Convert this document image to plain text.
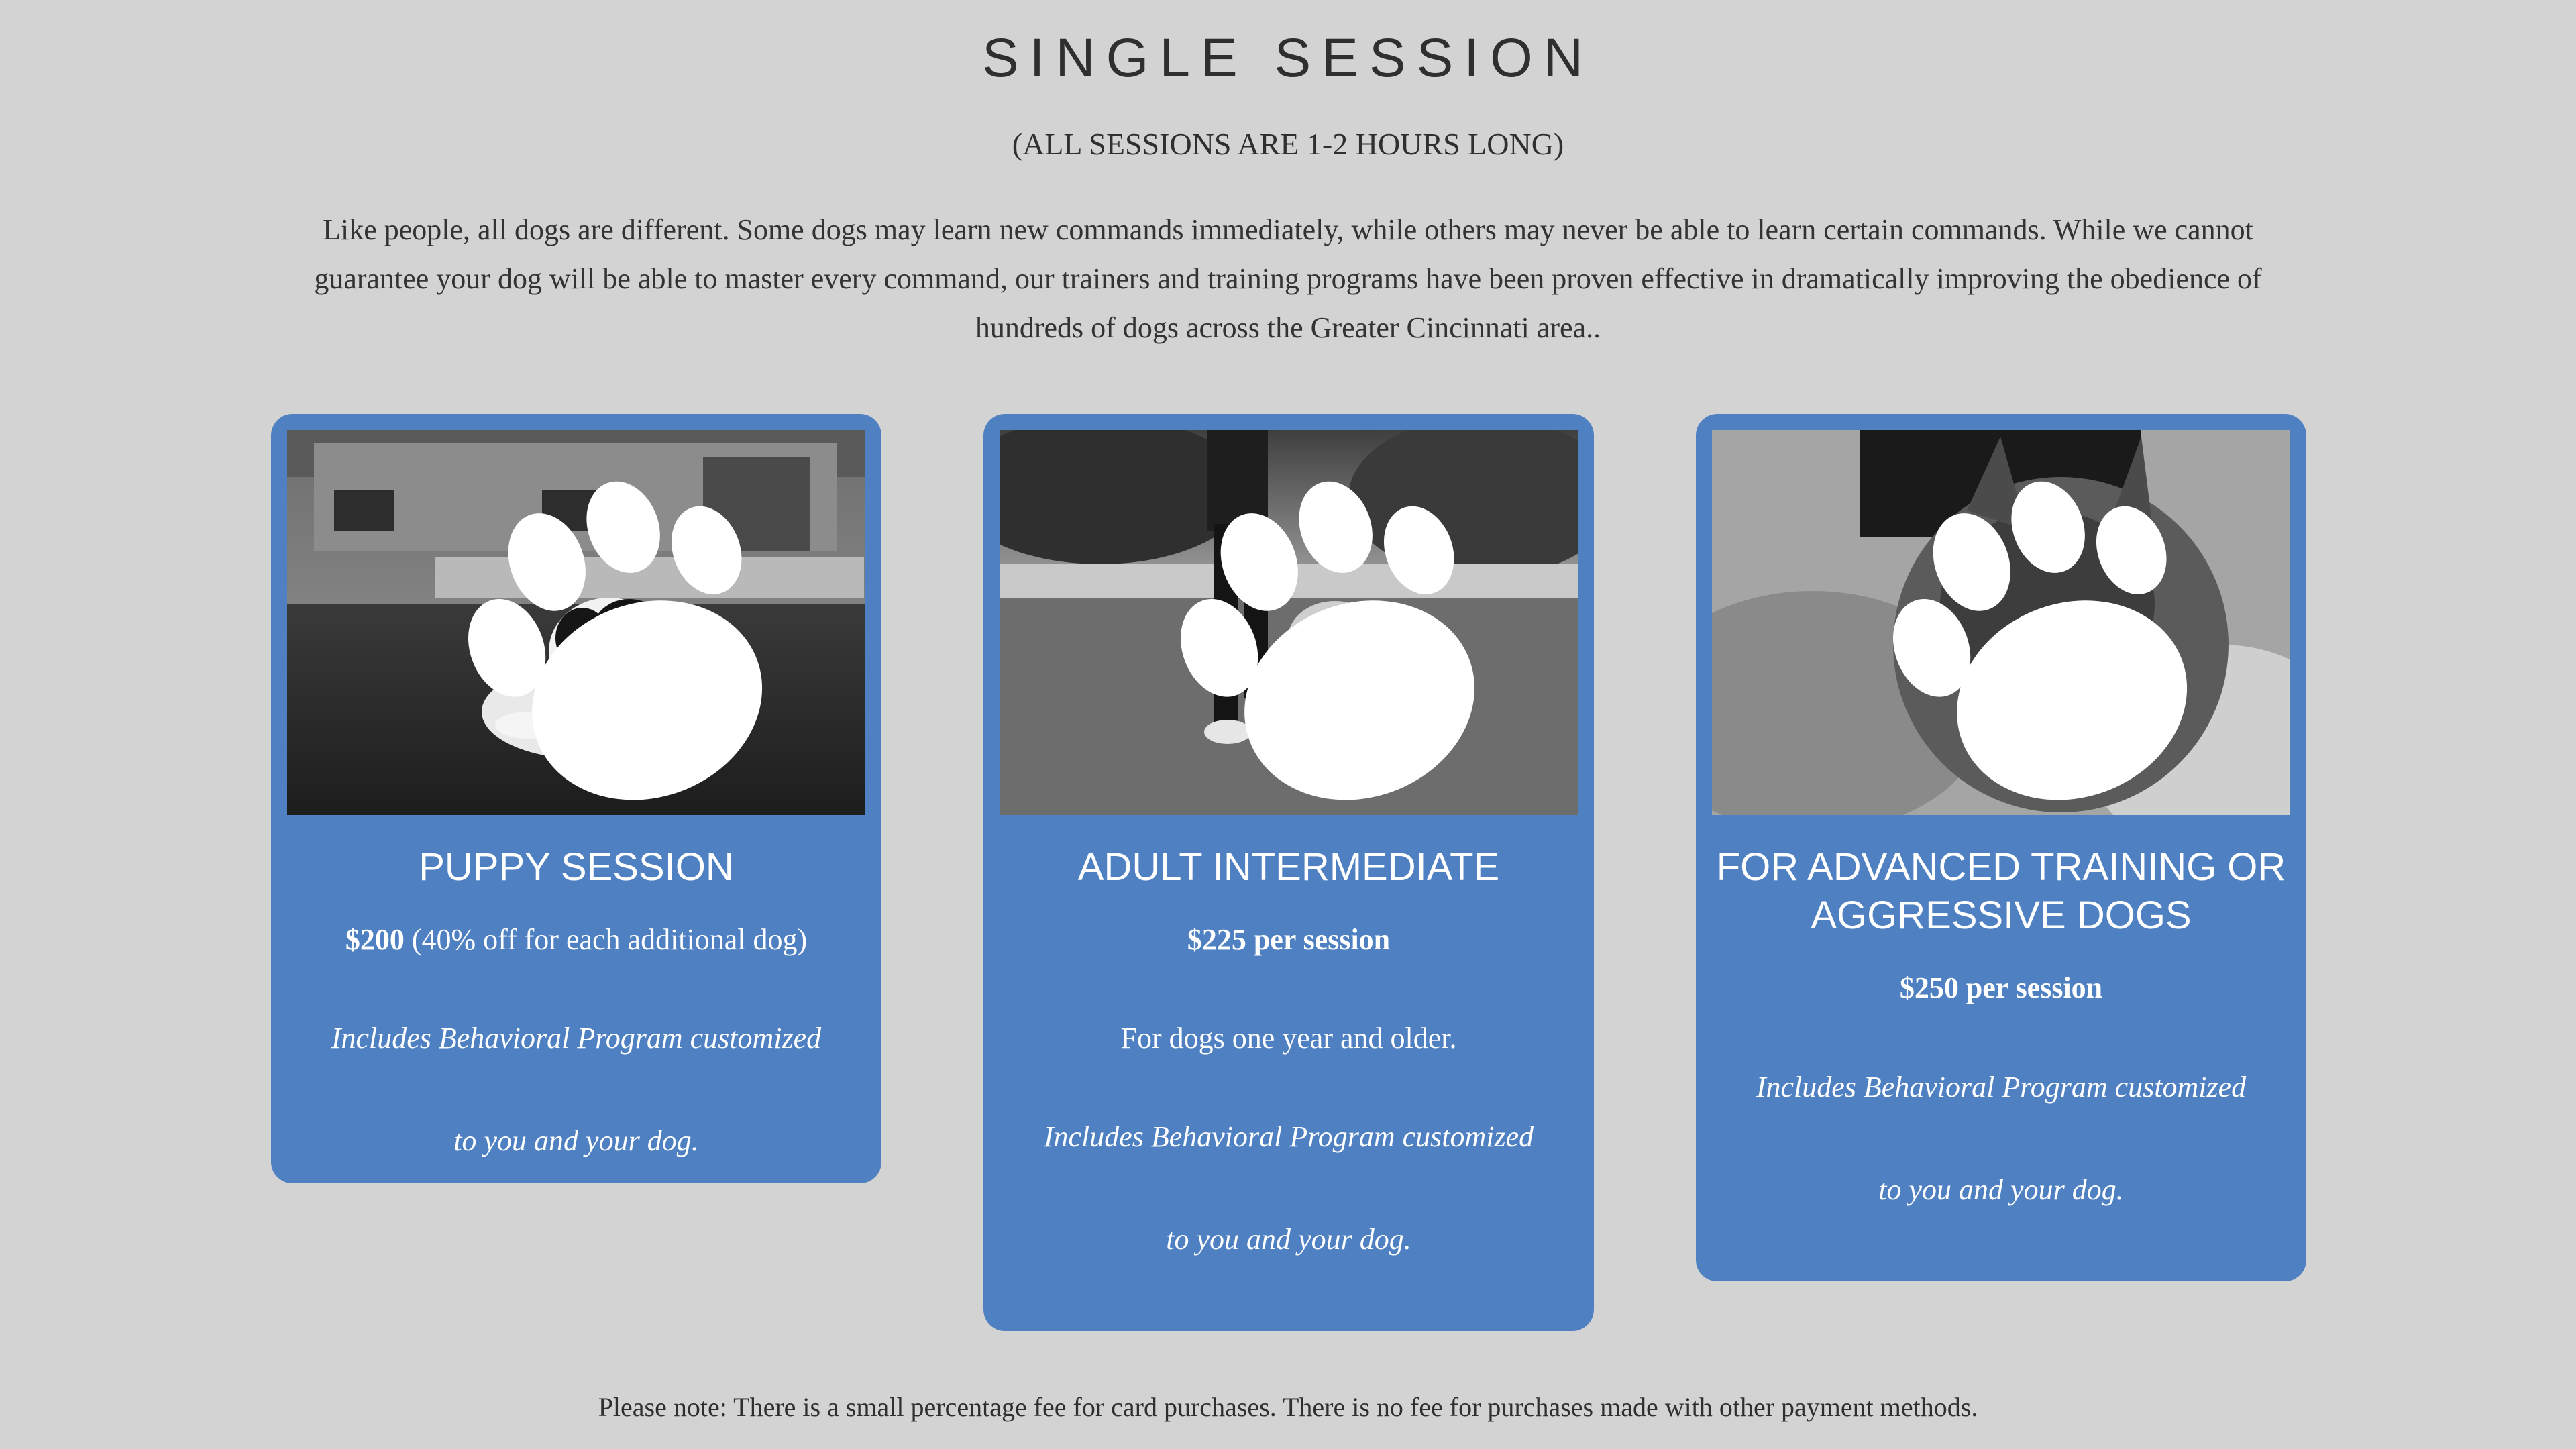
SINGLE SESSION

(ALL SESSIONS ARE 1-2 HOURS LONG)

Like people, all dogs are different. Some dogs may learn new commands immediately, while others may never be able to learn certain commands. While we cannot guarantee your dog will be able to master every command, our trainers and training programs have been proven effective in dramatically improving the obedience of hundreds of dogs across the Greater Cincinnati area..

PUPPY SESSION

$200 (40% off for each additional dog)

Includes Behavioral Program customized

to you and your dog.

ADULT INTERMEDIATE

$225 per session

For dogs one year and older.

Includes Behavioral Program customized

to you and your dog.

FOR ADVANCED TRAINING OR
AGGRESSIVE DOGS

$250 per session

Includes Behavioral Program customized

to you and your dog.

Please note: There is a small percentage fee for card purchases. There is no fee for purchases made with other payment methods.
